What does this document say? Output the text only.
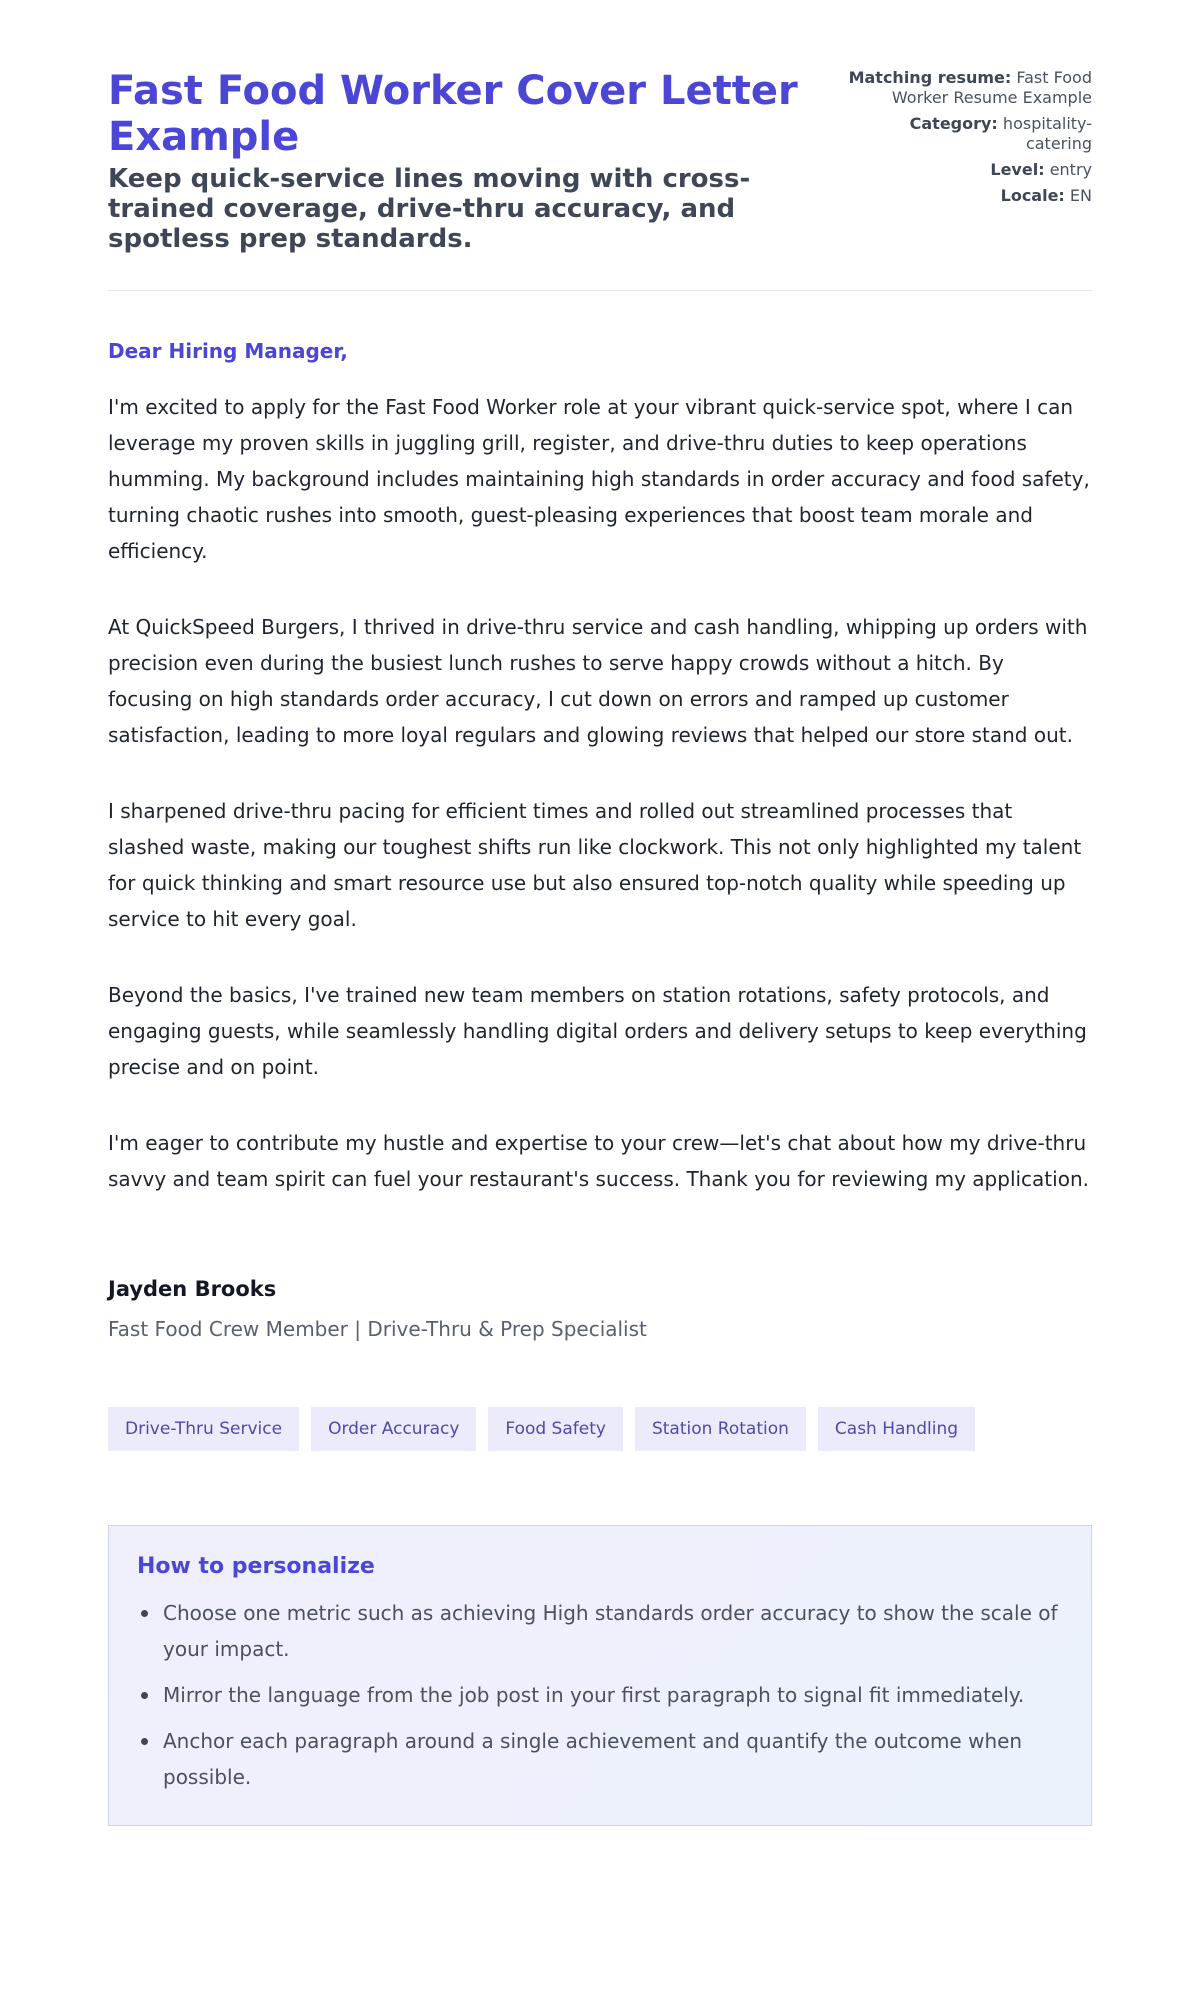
Fast Food Worker Cover Letter Example
Keep quick-service lines moving with cross-trained coverage, drive-thru accuracy, and spotless prep standards.
Matching resume: Fast Food Worker Resume Example
Category: hospitality-catering
Level: entry
Locale: EN

Dear Hiring Manager,

I'm excited to apply for the Fast Food Worker role at your vibrant quick-service spot, where I can leverage my proven skills in juggling grill, register, and drive-thru duties to keep operations humming. My background includes maintaining high standards in order accuracy and food safety, turning chaotic rushes into smooth, guest-pleasing experiences that boost team morale and efficiency.

At QuickSpeed Burgers, I thrived in drive-thru service and cash handling, whipping up orders with precision even during the busiest lunch rushes to serve happy crowds without a hitch. By focusing on high standards order accuracy, I cut down on errors and ramped up customer satisfaction, leading to more loyal regulars and glowing reviews that helped our store stand out.

I sharpened drive-thru pacing for efficient times and rolled out streamlined processes that slashed waste, making our toughest shifts run like clockwork. This not only highlighted my talent for quick thinking and smart resource use but also ensured top-notch quality while speeding up service to hit every goal.

Beyond the basics, I've trained new team members on station rotations, safety protocols, and engaging guests, while seamlessly handling digital orders and delivery setups to keep everything precise and on point.

I'm eager to contribute my hustle and expertise to your crew—let's chat about how my drive-thru savvy and team spirit can fuel your restaurant's success. Thank you for reviewing my application.

Jayden Brooks
Fast Food Crew Member | Drive-Thru & Prep Specialist
Drive-Thru Service	Order Accuracy	Food Safety	Station Rotation	Cash Handling
How to personalize
Choose one metric such as achieving High standards order accuracy to show the scale of your impact.
Mirror the language from the job post in your first paragraph to signal fit immediately.
Anchor each paragraph around a single achievement and quantify the outcome when possible.
